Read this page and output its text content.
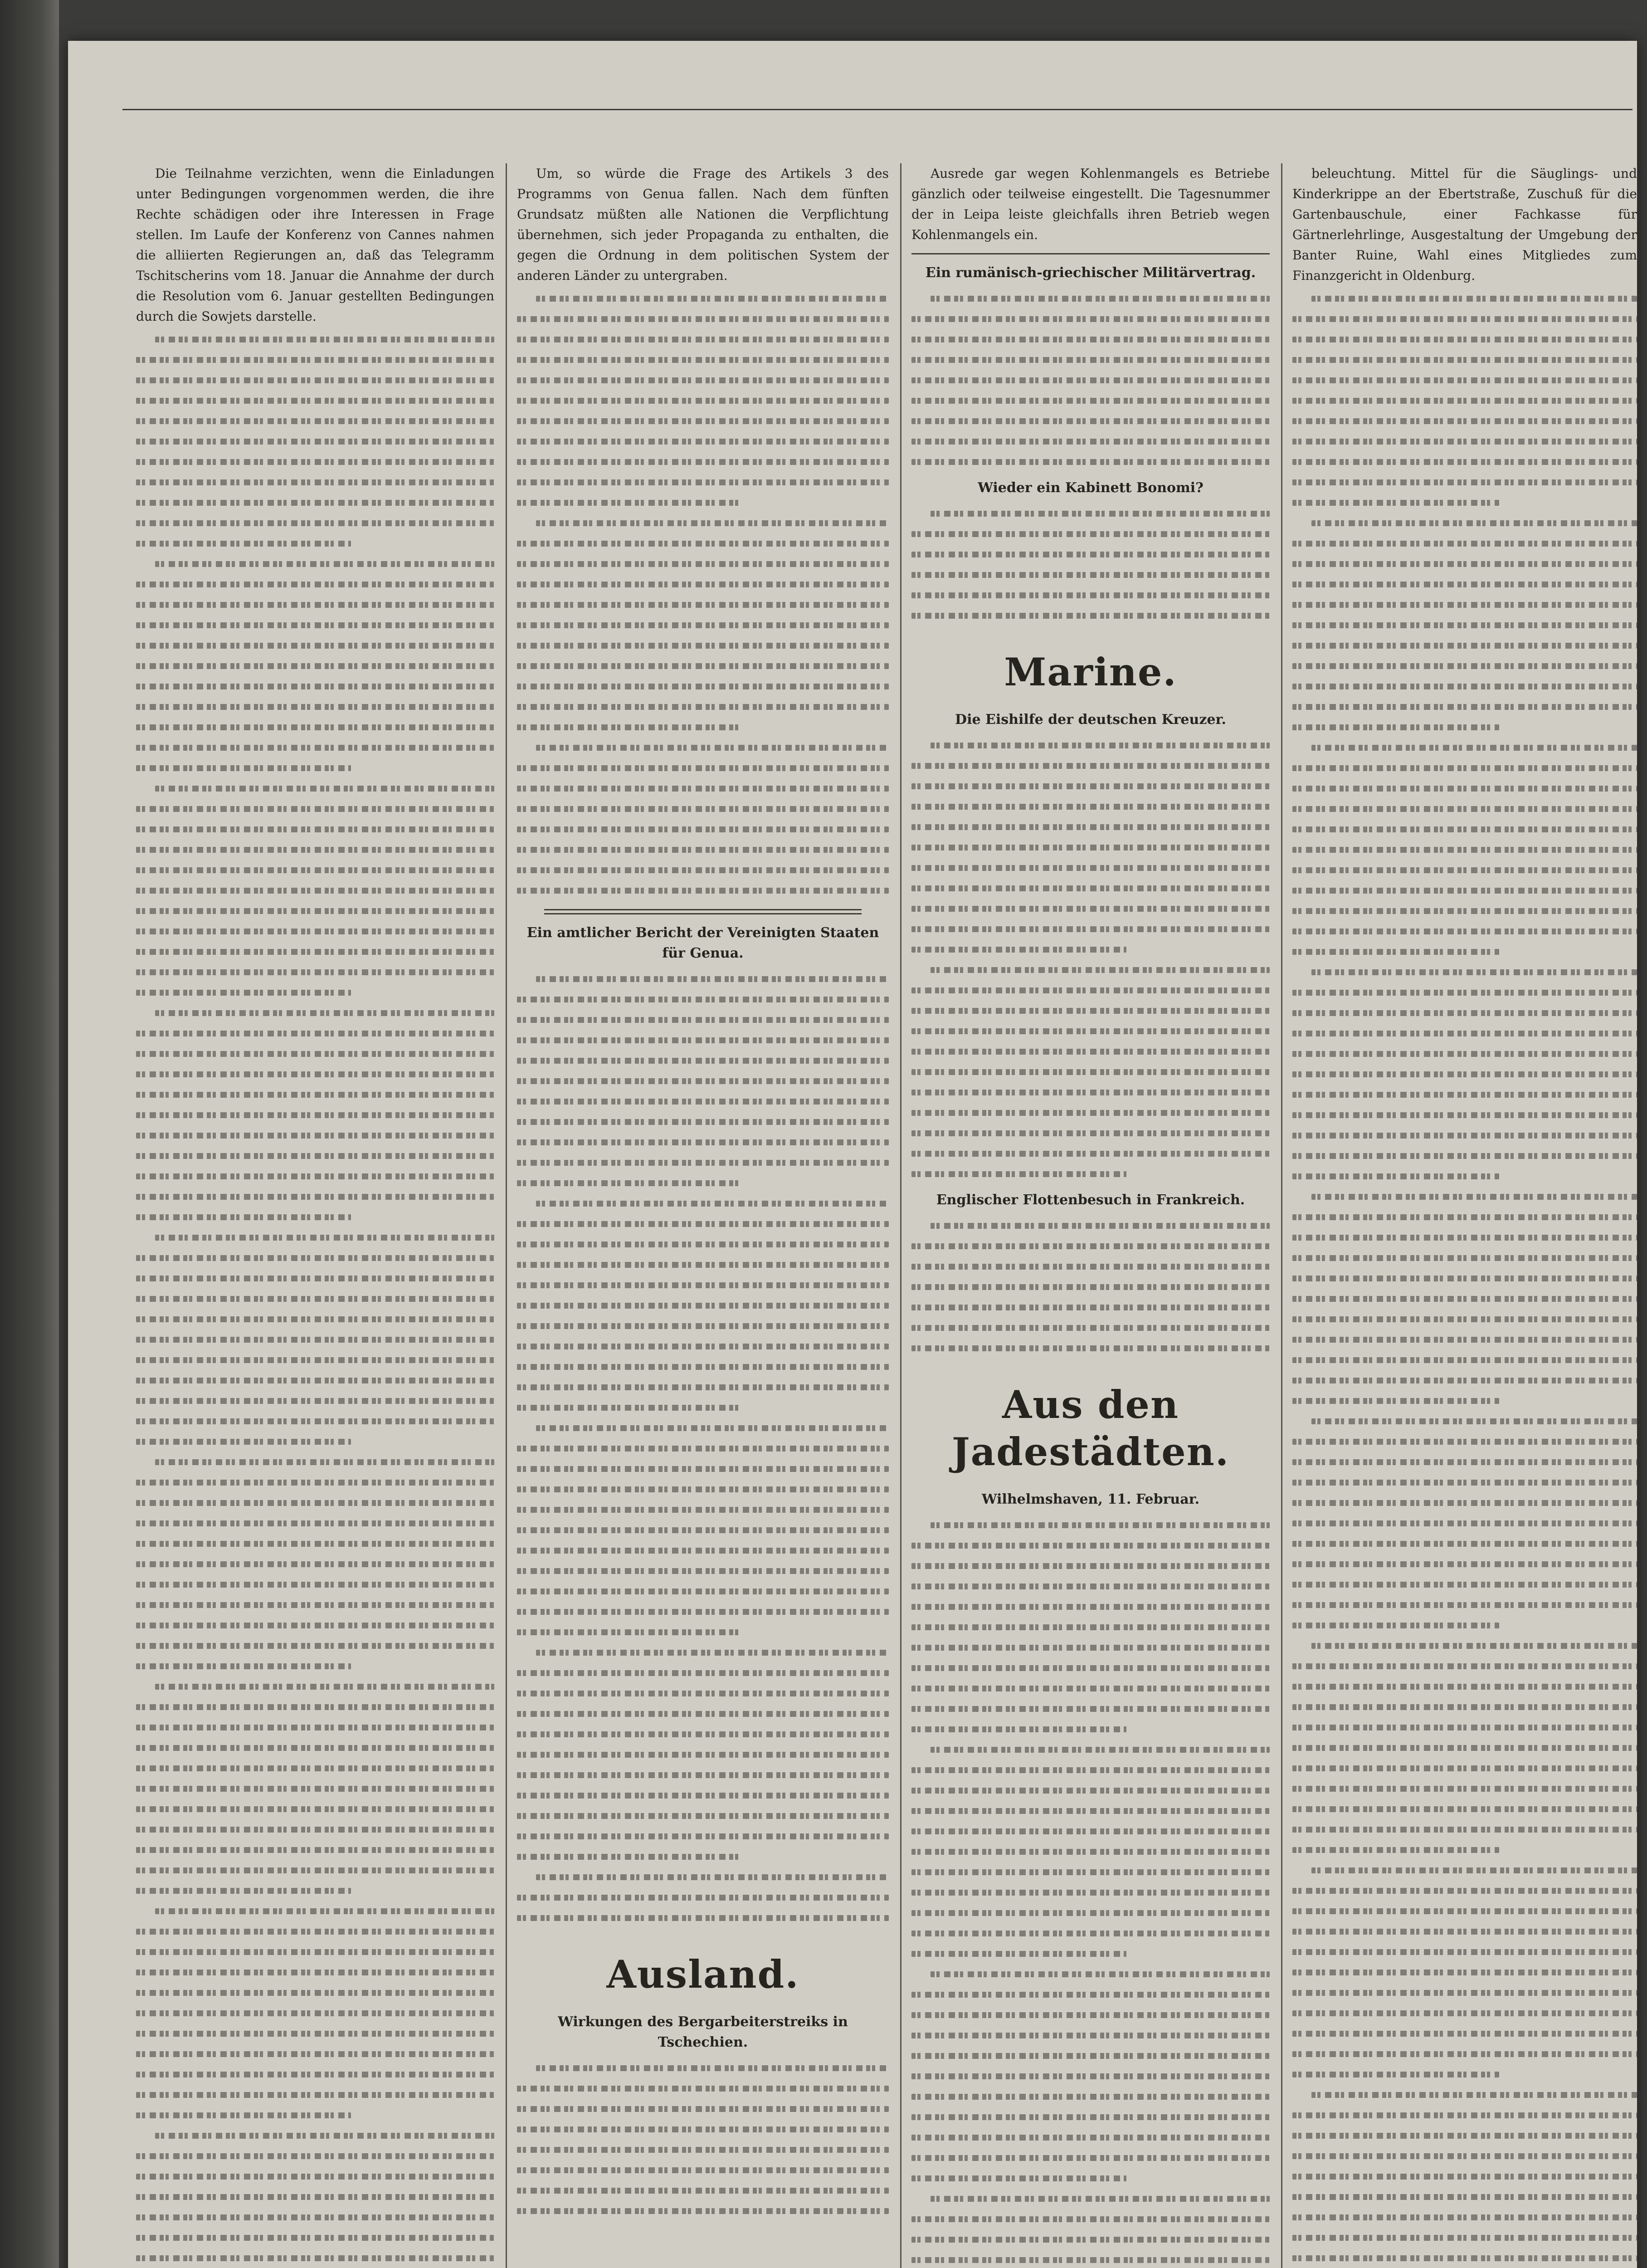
Die Teilnahme verzichten, wenn die Einladungen unter Bedingungen vorgenommen werden, die ihre Rechte schädigen oder ihre Interessen in Frage stellen. Im Laufe der Konferenz von Cannes nahmen die alliierten Regierungen an, daß das Telegramm Tschitscherins vom 18. Januar die Annahme der durch die Resolution vom 6. Januar gestellten Bedingungen durch die Sowjets darstelle.

Um, so würde die Frage des Artikels 3 des Programms von Genua fallen. Nach dem fünften Grundsatz müßten alle Nationen die Verpflichtung übernehmen, sich jeder Propaganda zu enthalten, die gegen die Ordnung in dem politischen System der anderen Länder zu untergraben.

Ein amtlicher Bericht der Vereinigten Staaten für Genua.
Ausland.
Wirkungen des Bergarbeiterstreiks in Tschechien.

Ausrede gar wegen Kohlenmangels es Betriebe gänzlich oder teilweise eingestellt. Die Tagesnummer der in Leipa leiste gleichfalls ihren Betrieb wegen Kohlenmangels ein.

Ein rumänisch-griechischer Militärvertrag.
Wieder ein Kabinett Bonomi?
Marine.
Die Eishilfe der deutschen Kreuzer.
Englischer Flottenbesuch in Frankreich.
Aus den Jadestädten.
Wilhelmshaven, 11. Februar.

beleuchtung. Mittel für die Säuglings- und Kinderkrippe an der Ebertstraße, Zuschuß für die Gartenbauschule, einer Fachkasse für Gärtnerlehrlinge, Ausgestaltung der Umgebung der Banter Ruine, Wahl eines Mitgliedes zum Finanzgericht in Oldenburg.
